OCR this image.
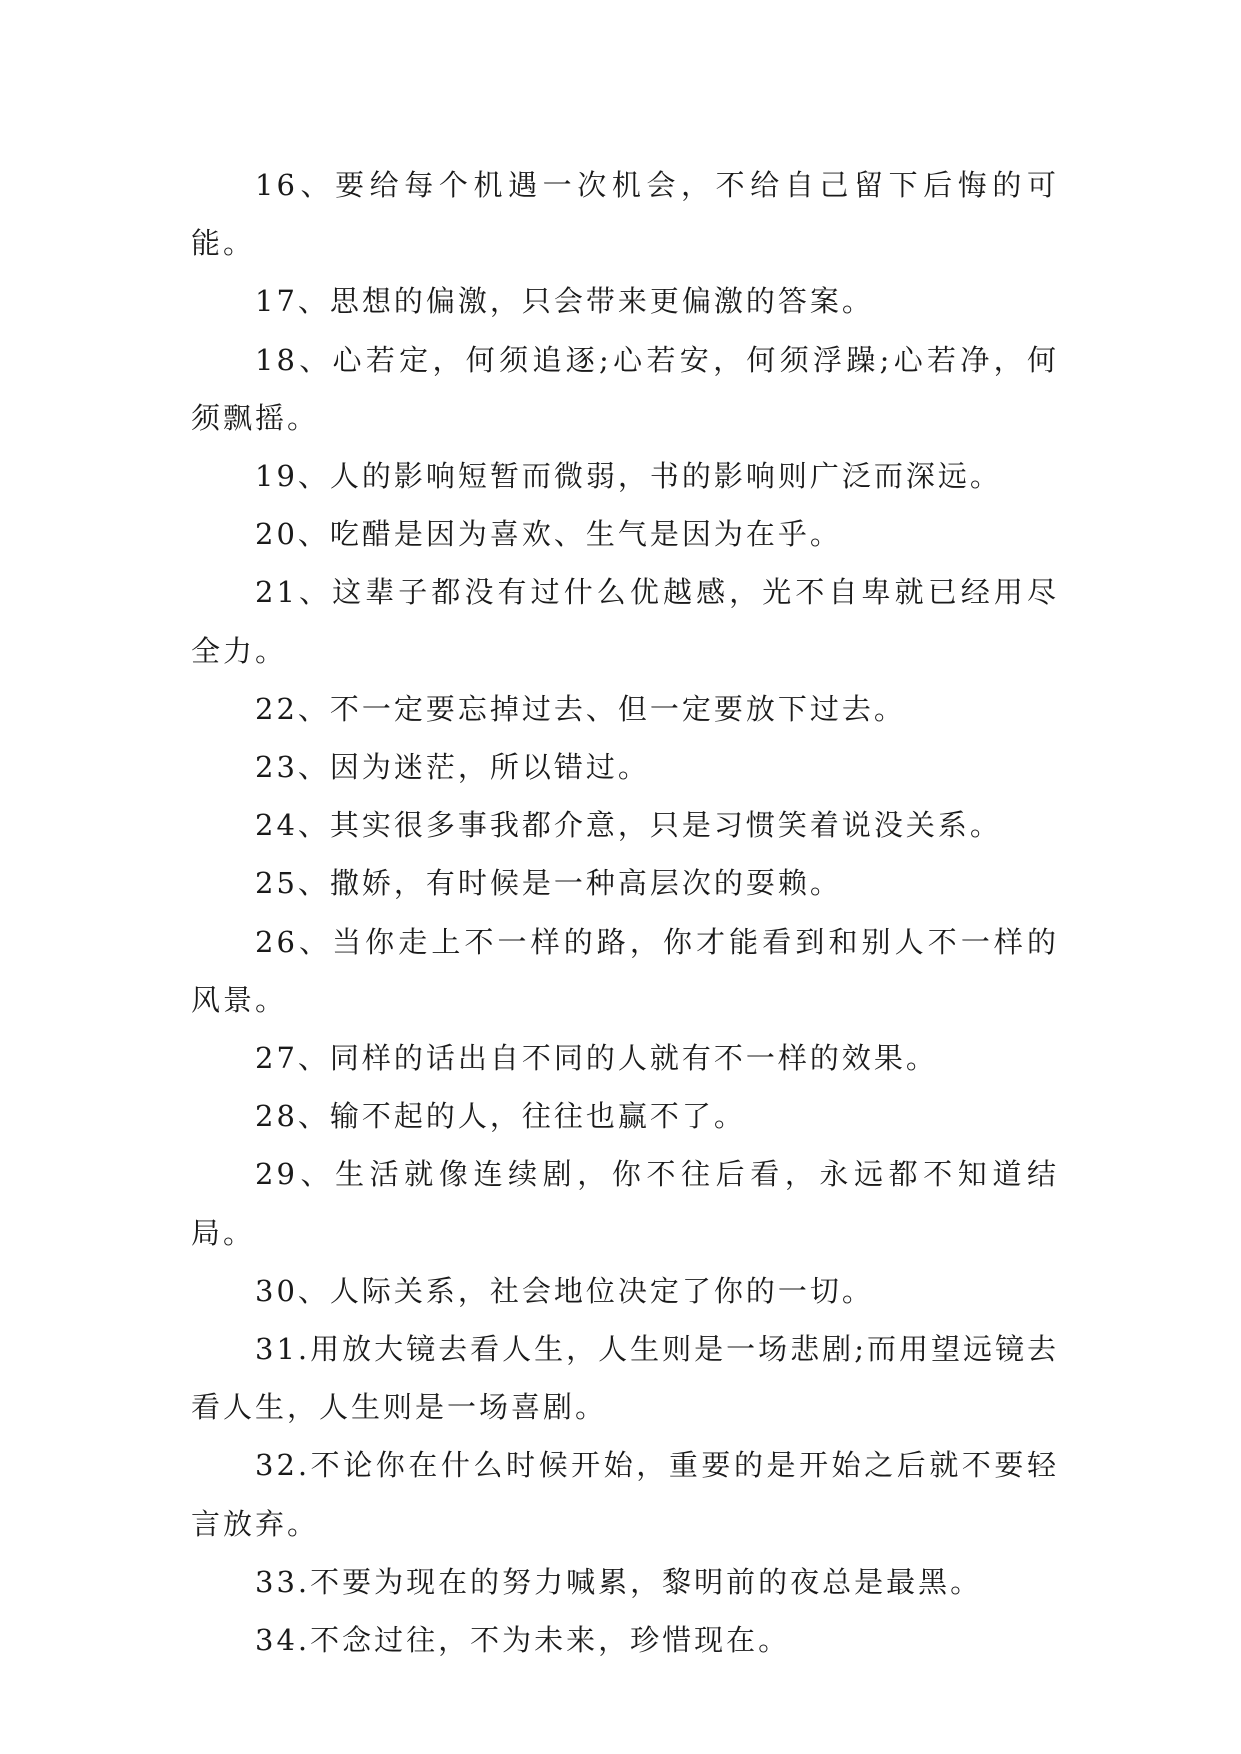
16、要给每个机遇一次机会，不给自己留下后悔的可能。

17、思想的偏激，只会带来更偏激的答案。

18、心若定，何须追逐;心若安，何须浮躁;心若净，何须飘摇。

19、人的影响短暂而微弱，书的影响则广泛而深远。

20、吃醋是因为喜欢、生气是因为在乎。

21、这辈子都没有过什么优越感，光不自卑就已经用尽全力。

22、不一定要忘掉过去、但一定要放下过去。

23、因为迷茫，所以错过。

24、其实很多事我都介意，只是习惯笑着说没关系。

25、撒娇，有时候是一种高层次的耍赖。

26、当你走上不一样的路，你才能看到和别人不一样的风景。

27、同样的话出自不同的人就有不一样的效果。

28、输不起的人，往往也赢不了。

29、生活就像连续剧，你不往后看，永远都不知道结局。

30、人际关系，社会地位决定了你的一切。

31.用放大镜去看人生，人生则是一场悲剧;而用望远镜去看人生，人生则是一场喜剧。

32.不论你在什么时候开始，重要的是开始之后就不要轻言放弃。

33.不要为现在的努力喊累，黎明前的夜总是最黑。

34.不念过往，不为未来，珍惜现在。
